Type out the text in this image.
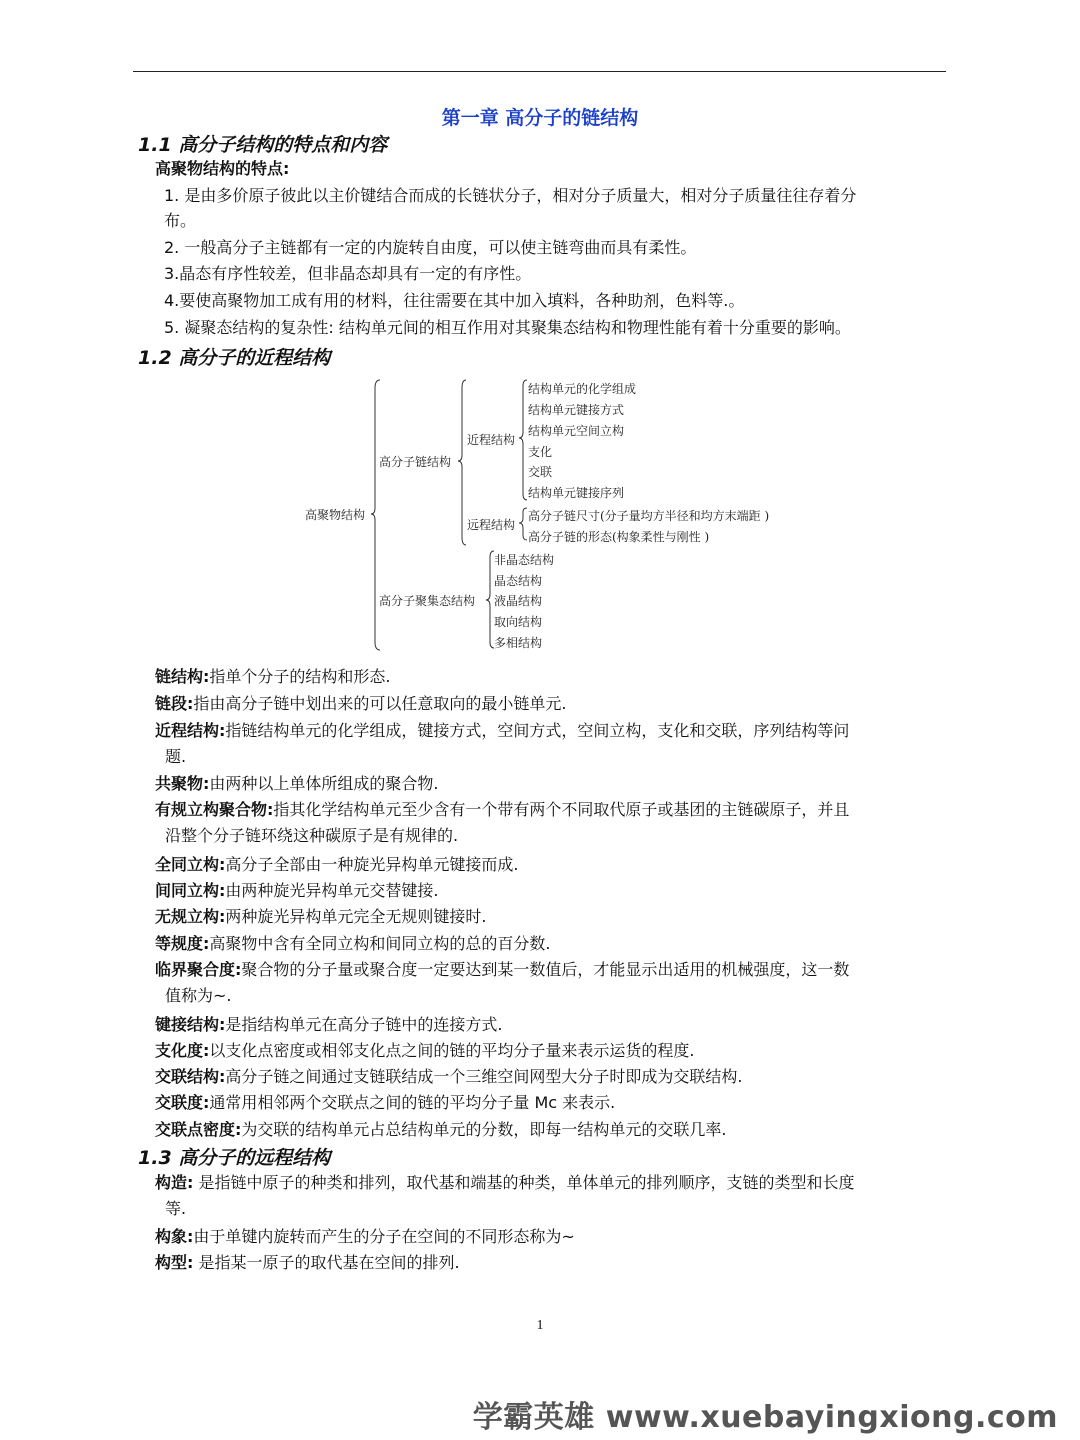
第一章 高分子的链结构
1.1 高分子结构的特点和内容
高聚物结构的特点:
1. 是由多价原子彼此以主价键结合而成的长链状分子，相对分子质量大，相对分子质量往往存着分
布。
2. 一般高分子主链都有一定的内旋转自由度，可以使主链弯曲而具有柔性。
3.晶态有序性较差，但非晶态却具有一定的有序性。
4.要使高聚物加工成有用的材料，往往需要在其中加入填料，各种助剂，色料等.。
5. 凝聚态结构的复杂性: 结构单元间的相互作用对其聚集态结构和物理性能有着十分重要的影响。
1.2 高分子的近程结构
高聚物结构
高分子链结构
近程结构
结构单元的化学组成
结构单元键接方式
结构单元空间立构
支化
交联
结构单元键接序列
远程结构
高分子链尺寸(分子量均方半径和均方末端距 )
高分子链的形态(构象柔性与刚性 )
高分子聚集态结构
非晶态结构
晶态结构
液晶结构
取向结构
多相结构
链结构:指单个分子的结构和形态.
链段:指由高分子链中划出来的可以任意取向的最小链单元.
近程结构:指链结构单元的化学组成，键接方式，空间方式，空间立构，支化和交联，序列结构等问
题.
共聚物:由两种以上单体所组成的聚合物.
有规立构聚合物:指其化学结构单元至少含有一个带有两个不同取代原子或基团的主链碳原子，并且
沿整个分子链环绕这种碳原子是有规律的.
全同立构:高分子全部由一种旋光异构单元键接而成.
间同立构:由两种旋光异构单元交替键接.
无规立构:两种旋光异构单元完全无规则键接时.
等规度:高聚物中含有全同立构和间同立构的总的百分数.
临界聚合度:聚合物的分子量或聚合度一定要达到某一数值后，才能显示出适用的机械强度，这一数
值称为~.
键接结构:是指结构单元在高分子链中的连接方式.
支化度:以支化点密度或相邻支化点之间的链的平均分子量来表示运货的程度.
交联结构:高分子链之间通过支链联结成一个三维空间网型大分子时即成为交联结构.
交联度:通常用相邻两个交联点之间的链的平均分子量 Mc 来表示.
交联点密度:为交联的结构单元占总结构单元的分数，即每一结构单元的交联几率.
1.3 高分子的远程结构
构造: 是指链中原子的种类和排列，取代基和端基的种类，单体单元的排列顺序，支链的类型和长度
等.
构象:由于单键内旋转而产生的分子在空间的不同形态称为~
构型: 是指某一原子的取代基在空间的排列.
1
学霸英雄 www.xuebayingxiong.com
